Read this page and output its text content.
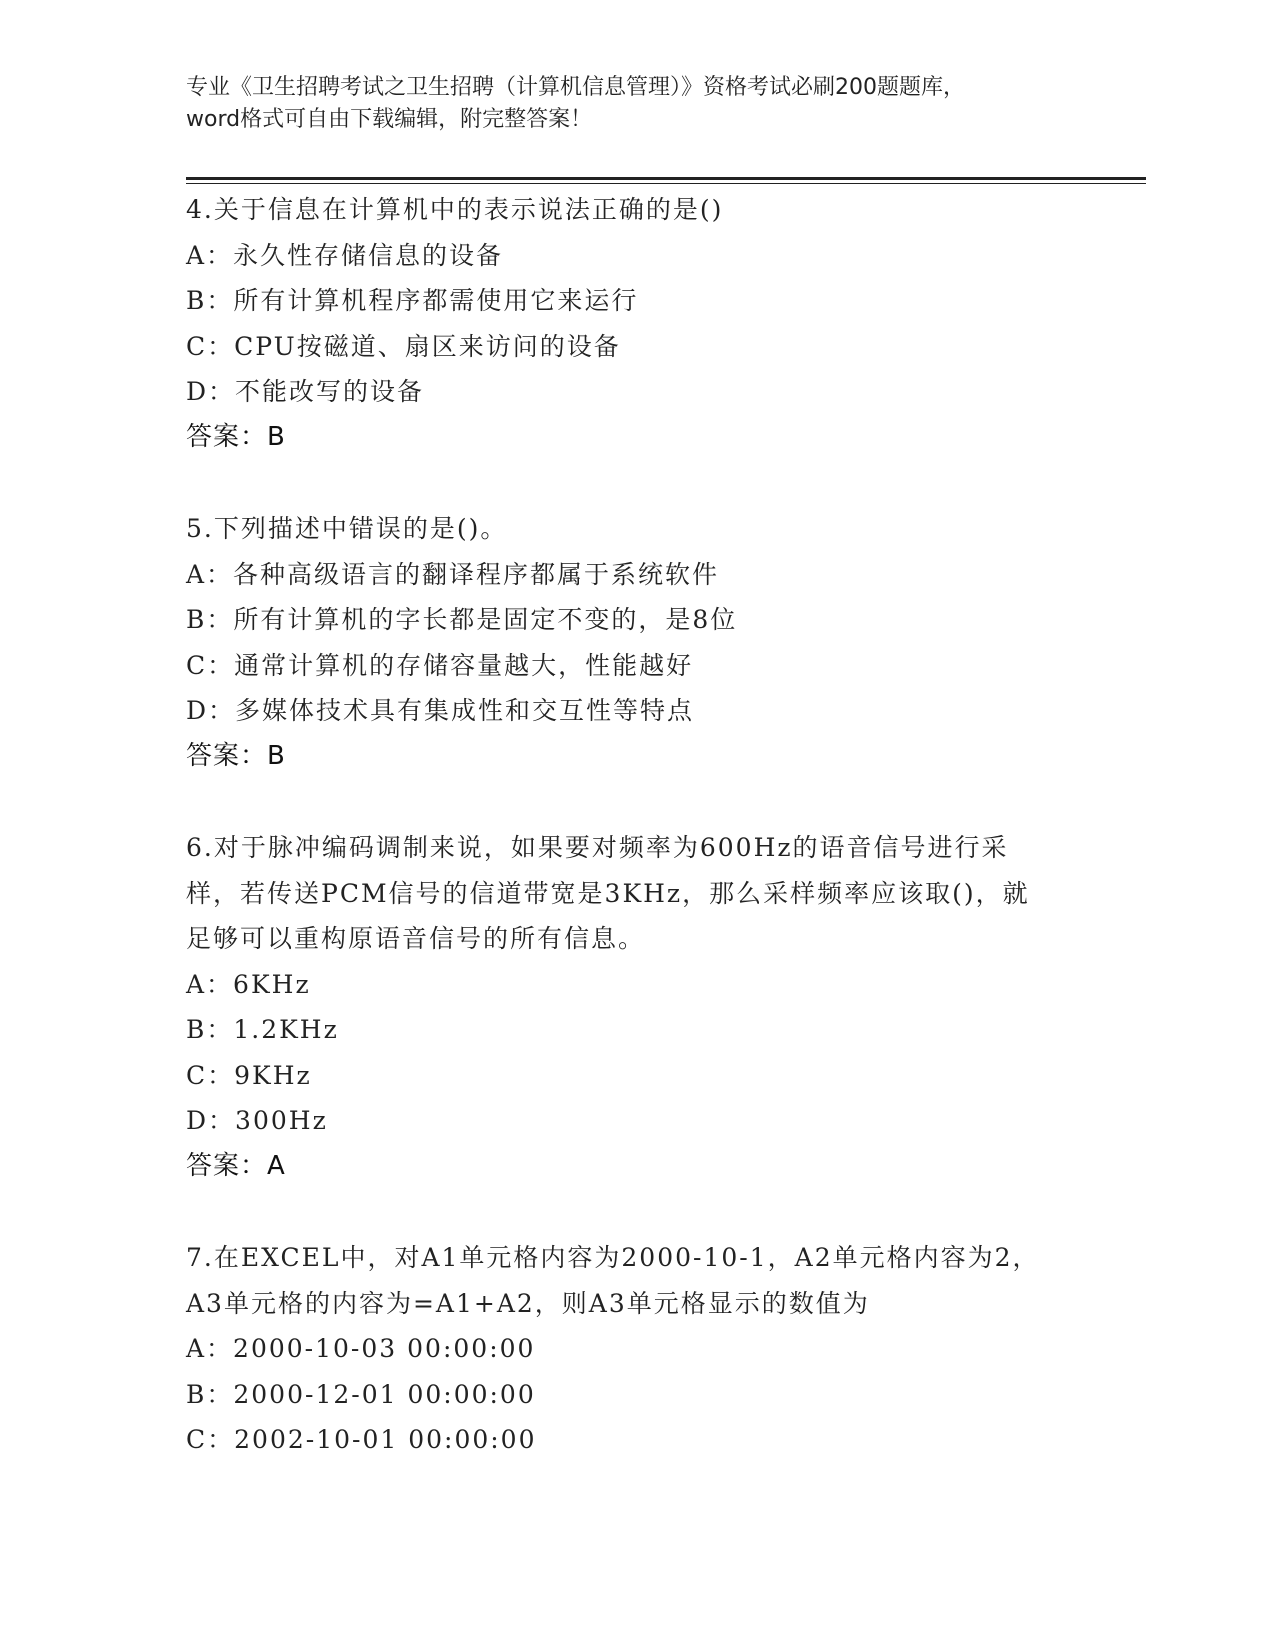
专业《卫生招聘考试之卫生招聘（计算机信息管理）》资格考试必刷200题题库，
word格式可自由下载编辑，附完整答案！
4.关于信息在计算机中的表示说法正确的是()
A：永久性存储信息的设备
B：所有计算机程序都需使用它来运行
C：CPU按磁道、扇区来访问的设备
D：不能改写的设备
答案：B
5.下列描述中错误的是()。
A：各种高级语言的翻译程序都属于系统软件
B：所有计算机的字长都是固定不变的，是8位
C：通常计算机的存储容量越大，性能越好
D：多媒体技术具有集成性和交互性等特点
答案：B
6.对于脉冲编码调制来说，如果要对频率为600Hz的语音信号进行采
样，若传送PCM信号的信道带宽是3KHz，那么采样频率应该取()，就
足够可以重构原语音信号的所有信息。
A：6KHz
B：1.2KHz
C：9KHz
D：300Hz
答案：A
7.在EXCEL中，对A1单元格内容为2000-10-1，A2单元格内容为2，
A3单元格的内容为=A1+A2，则A3单元格显示的数值为
A：2000-10-03 00:00:00
B：2000-12-01 00:00:00
C：2002-10-01 00:00:00
